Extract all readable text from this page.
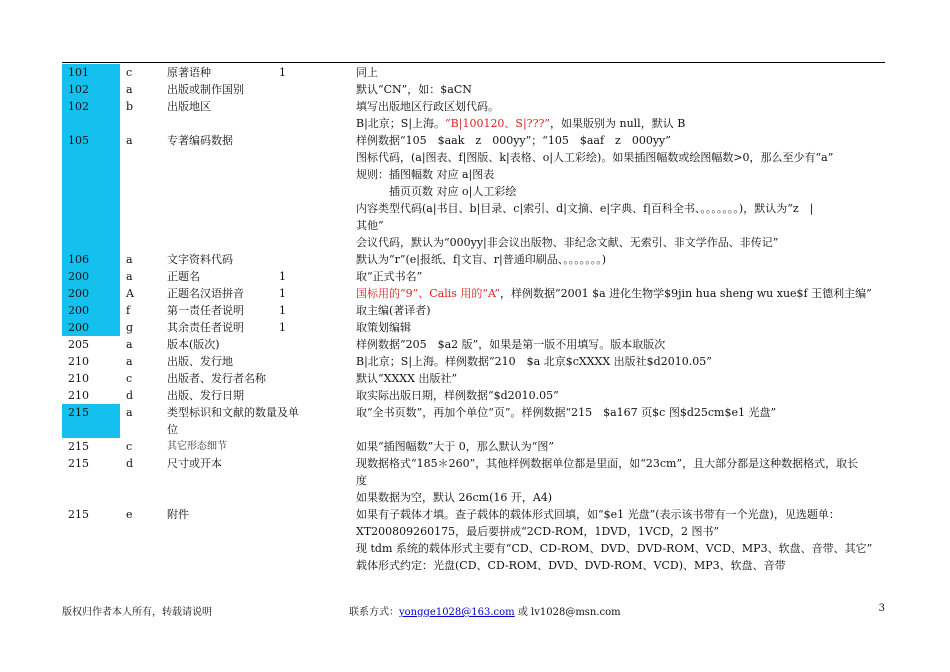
101	c	原著语种	1	同上
102	a	出版或制作国别	默认“CN”，如：$aCN
102	b	出版地区	填写出版地区行政区划代码。
B|北京；S|上海。“B|100120、S|???”，如果版别为 null，默认 B
105	a	专著编码数据	样例数据“105　$aak　z　000yy”；“105　$aaf　z　000yy”
图标代码，(a|图表、f|图版、k|表格、o|人工彩绘)。如果插图幅数或绘图幅数>0，那么至少有“a”
规则：插图幅数 对应 a|图表
　　　插页页数 对应 o|人工彩绘
内容类型代码(a|书目、b|目录、c|索引、d|文摘、e|字典、f|百科全书、。。。。。。。)，默认为“z　|
其他”
会议代码，默认为“000yy|非会议出版物、非纪念文献、无索引、非文学作品、非传记”
106	a	文字资料代码	默认为“r”(e|报纸、f|文盲、r|普通印刷品、。。。。。。。)
200	a	正题名	1	取“正式书名”
200	A	正题名汉语拼音	1	国标用的“9”、Calis 用的“A”，样例数据“2001 $a 进化生物学$9jin hua sheng wu xue$f 王德利主编”
200	f	第一责任者说明	1	取主编(著译者)
200	g	其余责任者说明	1	取策划编辑
205	a	版本(版次)	样例数据“205　$a2 版”，如果是第一版不用填写。版本取版次
210	a	出版、发行地	B|北京；S|上海。样例数据“210　$a 北京$cXXXX 出版社$d2010.05”
210	c	出版者、发行者名称	默认“XXXX 出版社”
210	d	出版、发行日期	取实际出版日期，样例数据“$d2010.05”
215	a	类型标识和文献的数量及单	取“全书页数”，再加个单位“页”。样例数据“215　$a167 页$c 图$d25cm$e1 光盘”
位
215	c	其它形态细节	如果“插图幅数”大于 0，那么默认为“图”
215	d	尺寸或开本	现数据格式“185＊260”，其他样例数据单位都是里面，如“23cm”，且大部分都是这种数据格式，取长
度
如果数据为空，默认 26cm(16 开，A4)
215	e	附件	如果有子载体才填。查子载体的载体形式回填，如“$e1 光盘”(表示该书带有一个光盘)，见选题单：
XT200809260175，最后要拼成“2CD-ROM，1DVD，1VCD，2 图书”
现 tdm 系统的载体形式主要有“CD、CD-ROM、DVD、DVD-ROM、VCD、MP3、软盘、音带、其它”
载体形式约定：光盘(CD、CD-ROM、DVD、DVD-ROM、VCD)、MP3、软盘、音带
版权归作者本人所有，转载请说明	联系方式：yongge1028@163.com 或 lv1028@msn.com	3
